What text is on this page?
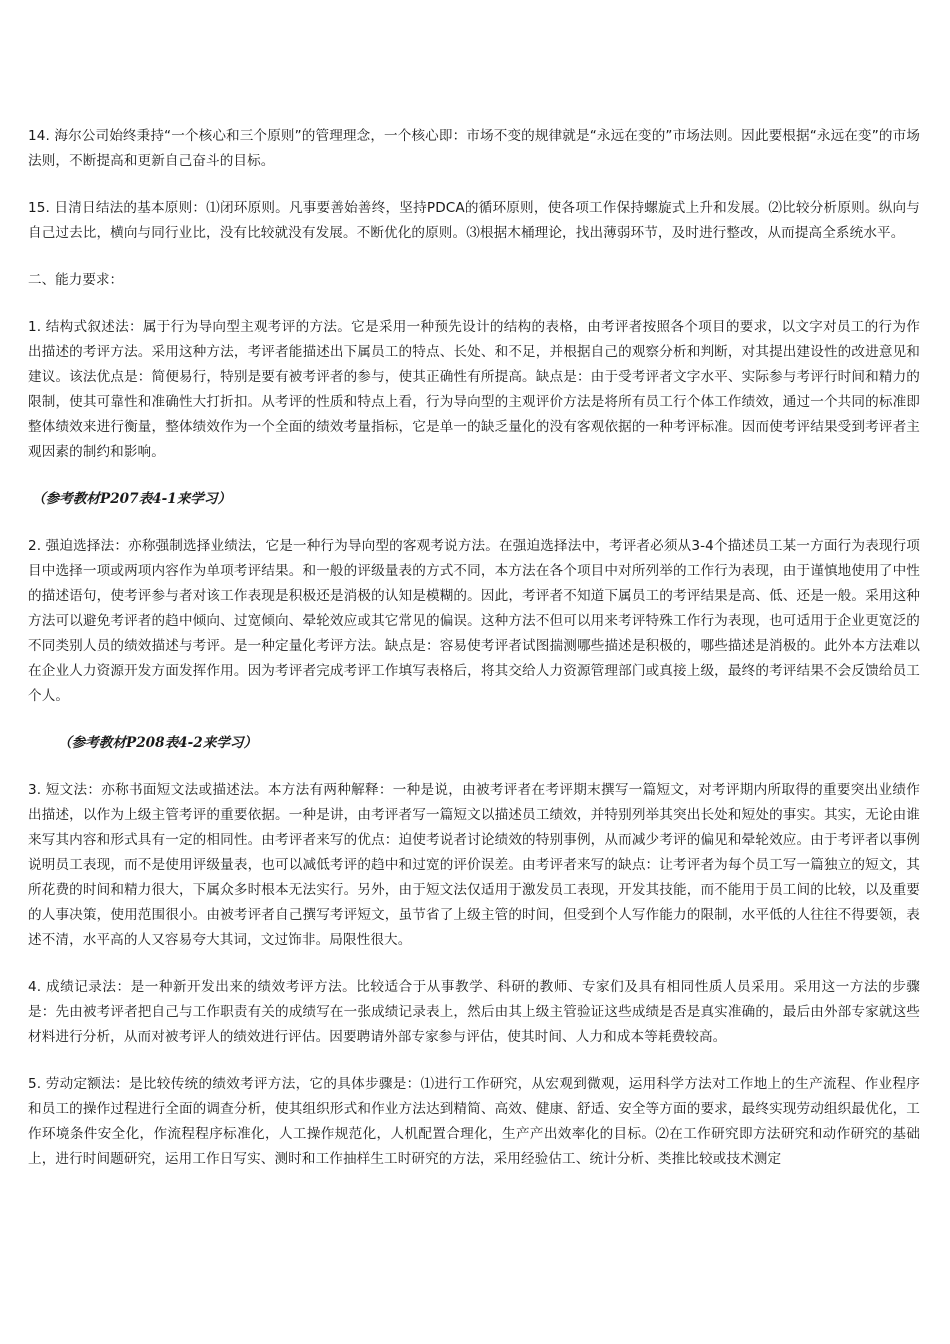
14. 海尔公司始终秉持“一个核心和三个原则”的管理理念，一个核心即：市场不变的规律就是“永远在变的”市场法则。因此要根据“永远在变”的市场法则，不断提高和更新自己奋斗的目标。

15. 日清日结法的基本原则：⑴闭环原则。凡事要善始善终，坚持PDCA的循环原则，使各项工作保持螺旋式上升和发展。⑵比较分析原则。纵向与自己过去比，横向与同行业比，没有比较就没有发展。不断优化的原则。⑶根据木桶理论，找出薄弱环节，及时进行整改，从而提高全系统水平。

二、能力要求：

1. 结构式叙述法：属于行为导向型主观考评的方法。它是采用一种预先设计的结构的表格，由考评者按照各个项目的要求，以文字对员工的行为作出描述的考评方法。采用这种方法，考评者能描述出下属员工的特点、长处、和不足，并根据自己的观察分析和判断，对其提出建设性的改进意见和建议。该法优点是：简便易行，特别是要有被考评者的参与，使其正确性有所提高。缺点是：由于受考评者文字水平、实际参与考评行时间和精力的限制，使其可靠性和准确性大打折扣。从考评的性质和特点上看，行为导向型的主观评价方法是将所有员工行个体工作绩效，通过一个共同的标准即整体绩效来进行衡量，整体绩效作为一个全面的绩效考量指标，它是单一的缺乏量化的没有客观依据的一种考评标准。因而使考评结果受到考评者主观因素的制约和影响。

（参考教材P207表4-1来学习）

2. 强迫选择法：亦称强制选择业绩法，它是一种行为导向型的客观考说方法。在强迫选择法中，考评者必须从3-4个描述员工某一方面行为表现行项目中选择一项或两项内容作为单项考评结果。和一般的评级量表的方式不同，本方法在各个项目中对所列举的工作行为表现，由于谨慎地使用了中性的描述语句，使考评参与者对该工作表现是积极还是消极的认知是模糊的。因此，考评者不知道下属员工的考评结果是高、低、还是一般。采用这种方法可以避免考评者的趋中倾向、过宽倾向、晕轮效应或其它常见的偏误。这种方法不但可以用来考评特殊工作行为表现，也可适用于企业更宽泛的不同类别人员的绩效描述与考评。是一种定量化考评方法。缺点是：容易使考评者试图揣测哪些描述是积极的，哪些描述是消极的。此外本方法难以在企业人力资源开发方面发挥作用。因为考评者完成考评工作填写表格后，将其交给人力资源管理部门或真接上级，最终的考评结果不会反馈给员工个人。

（参考教材P208表4-2来学习）

3. 短文法：亦称书面短文法或描述法。本方法有两种解释：一种是说，由被考评者在考评期末撰写一篇短文，对考评期内所取得的重要突出业绩作出描述，以作为上级主管考评的重要依据。一种是讲，由考评者写一篇短文以描述员工绩效，并特别列举其突出长处和短处的事实。其实，无论由谁来写其内容和形式具有一定的相同性。由考评者来写的优点：迫使考说者讨论绩效的特别事例，从而减少考评的偏见和晕轮效应。由于考评者以事例说明员工表现，而不是使用评级量表，也可以减低考评的趋中和过宽的评价误差。由考评者来写的缺点：让考评者为每个员工写一篇独立的短文，其所花费的时间和精力很大，下属众多时根本无法实行。另外，由于短文法仅适用于激发员工表现，开发其技能，而不能用于员工间的比较，以及重要的人事决策，使用范围很小。由被考评者自己撰写考评短文，虽节省了上级主管的时间，但受到个人写作能力的限制，水平低的人往往不得要领，表述不清，水平高的人又容易夸大其词，文过饰非。局限性很大。

4. 成绩记录法：是一种新开发出来的绩效考评方法。比较适合于从事教学、科研的教师、专家们及具有相同性质人员采用。采用这一方法的步骤是：先由被考评者把自己与工作职责有关的成绩写在一张成绩记录表上，然后由其上级主管验证这些成绩是否是真实准确的，最后由外部专家就这些材料进行分析，从而对被考评人的绩效进行评估。因要聘请外部专家参与评估，使其时间、人力和成本等耗费较高。

5. 劳动定额法：是比较传统的绩效考评方法，它的具体步骤是：⑴进行工作研究，从宏观到微观，运用科学方法对工作地上的生产流程、作业程序和员工的操作过程进行全面的调查分析，使其组织形式和作业方法达到精简、高效、健康、舒适、安全等方面的要求，最终实现劳动组织最优化，工作环境条件安全化，作流程程序标准化，人工操作规范化，人机配置合理化，生产产出效率化的目标。⑵在工作研究即方法研究和动作研究的基础上，进行时间题研究，运用工作日写实、测时和工作抽样生工时研究的方法，采用经验估工、统计分析、类推比较或技术测定
